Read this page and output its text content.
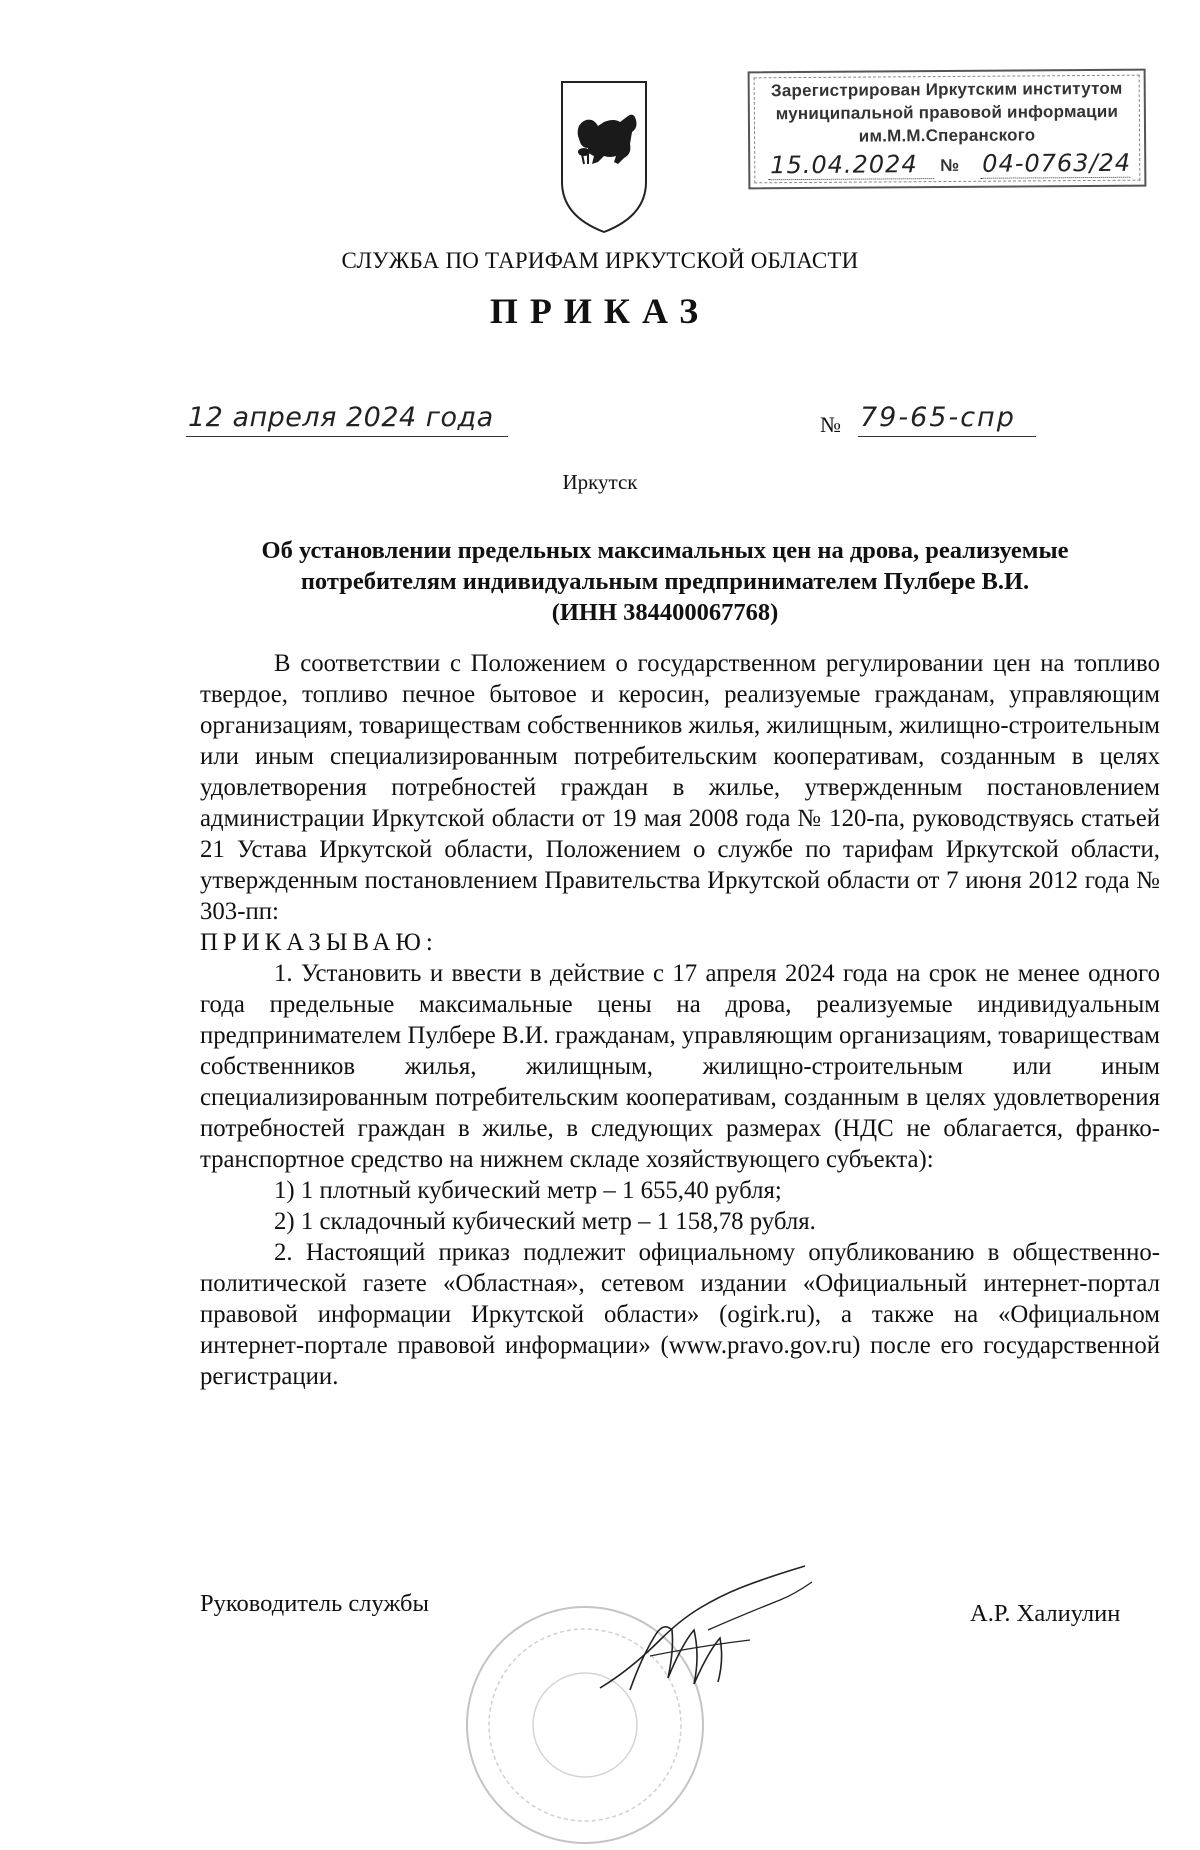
Зарегистрирован Иркутским институтом
муниципальной правовой информации
им.М.М.Сперанского
15.04.2024 № 04-0763/24
СЛУЖБА ПО ТАРИФАМ ИРКУТСКОЙ ОБЛАСТИ
ПРИКАЗ
12 апреля 2024 года	№ 79-65-спр
Иркутск
Об установлении предельных максимальных цен на дрова, реализуемые
потребителям индивидуальным предпринимателем Пулбере В.И.
(ИНН 384400067768)

В соответствии с Положением о государственном регулировании цен на топливо твердое, топливо печное бытовое и керосин, реализуемые гражданам, управляющим организациям, товариществам собственников жилья, жилищным, жилищно-строительным или иным специализированным потребительским кооперативам, созданным в целях удовлетворения потребностей граждан в жилье, утвержденным постановлением администрации Иркутской области от 19 мая 2008 года № 120-па, руководствуясь статьей 21 Устава Иркутской области, Положением о службе по тарифам Иркутской области, утвержденным постановлением Правительства Иркутской области от 7 июня 2012 года № 303-пп:

ПРИКАЗЫВАЮ:

1. Установить и ввести в действие с 17 апреля 2024 года на срок не менее одного года предельные максимальные цены на дрова, реализуемые индивидуальным предпринимателем Пулбере В.И. гражданам, управляющим организациям, товариществам собственников жилья, жилищным, жилищно-строительным или иным специализированным потребительским кооперативам, созданным в целях удовлетворения потребностей граждан в жилье, в следующих размерах (НДС не облагается, франко-транспортное средство на нижнем складе хозяйствующего субъекта):

1) 1 плотный кубический метр – 1 655,40 рубля;

2) 1 складочный кубический метр – 1 158,78 рубля.

2. Настоящий приказ подлежит официальному опубликованию в общественно-политической газете «Областная», сетевом издании «Официальный интернет-портал правовой информации Иркутской области» (ogirk.ru), а также на «Официальном интернет-портале правовой информации» (www.pravo.gov.ru) после его государственной регистрации.

Руководитель службы	А.Р. Халиулин
